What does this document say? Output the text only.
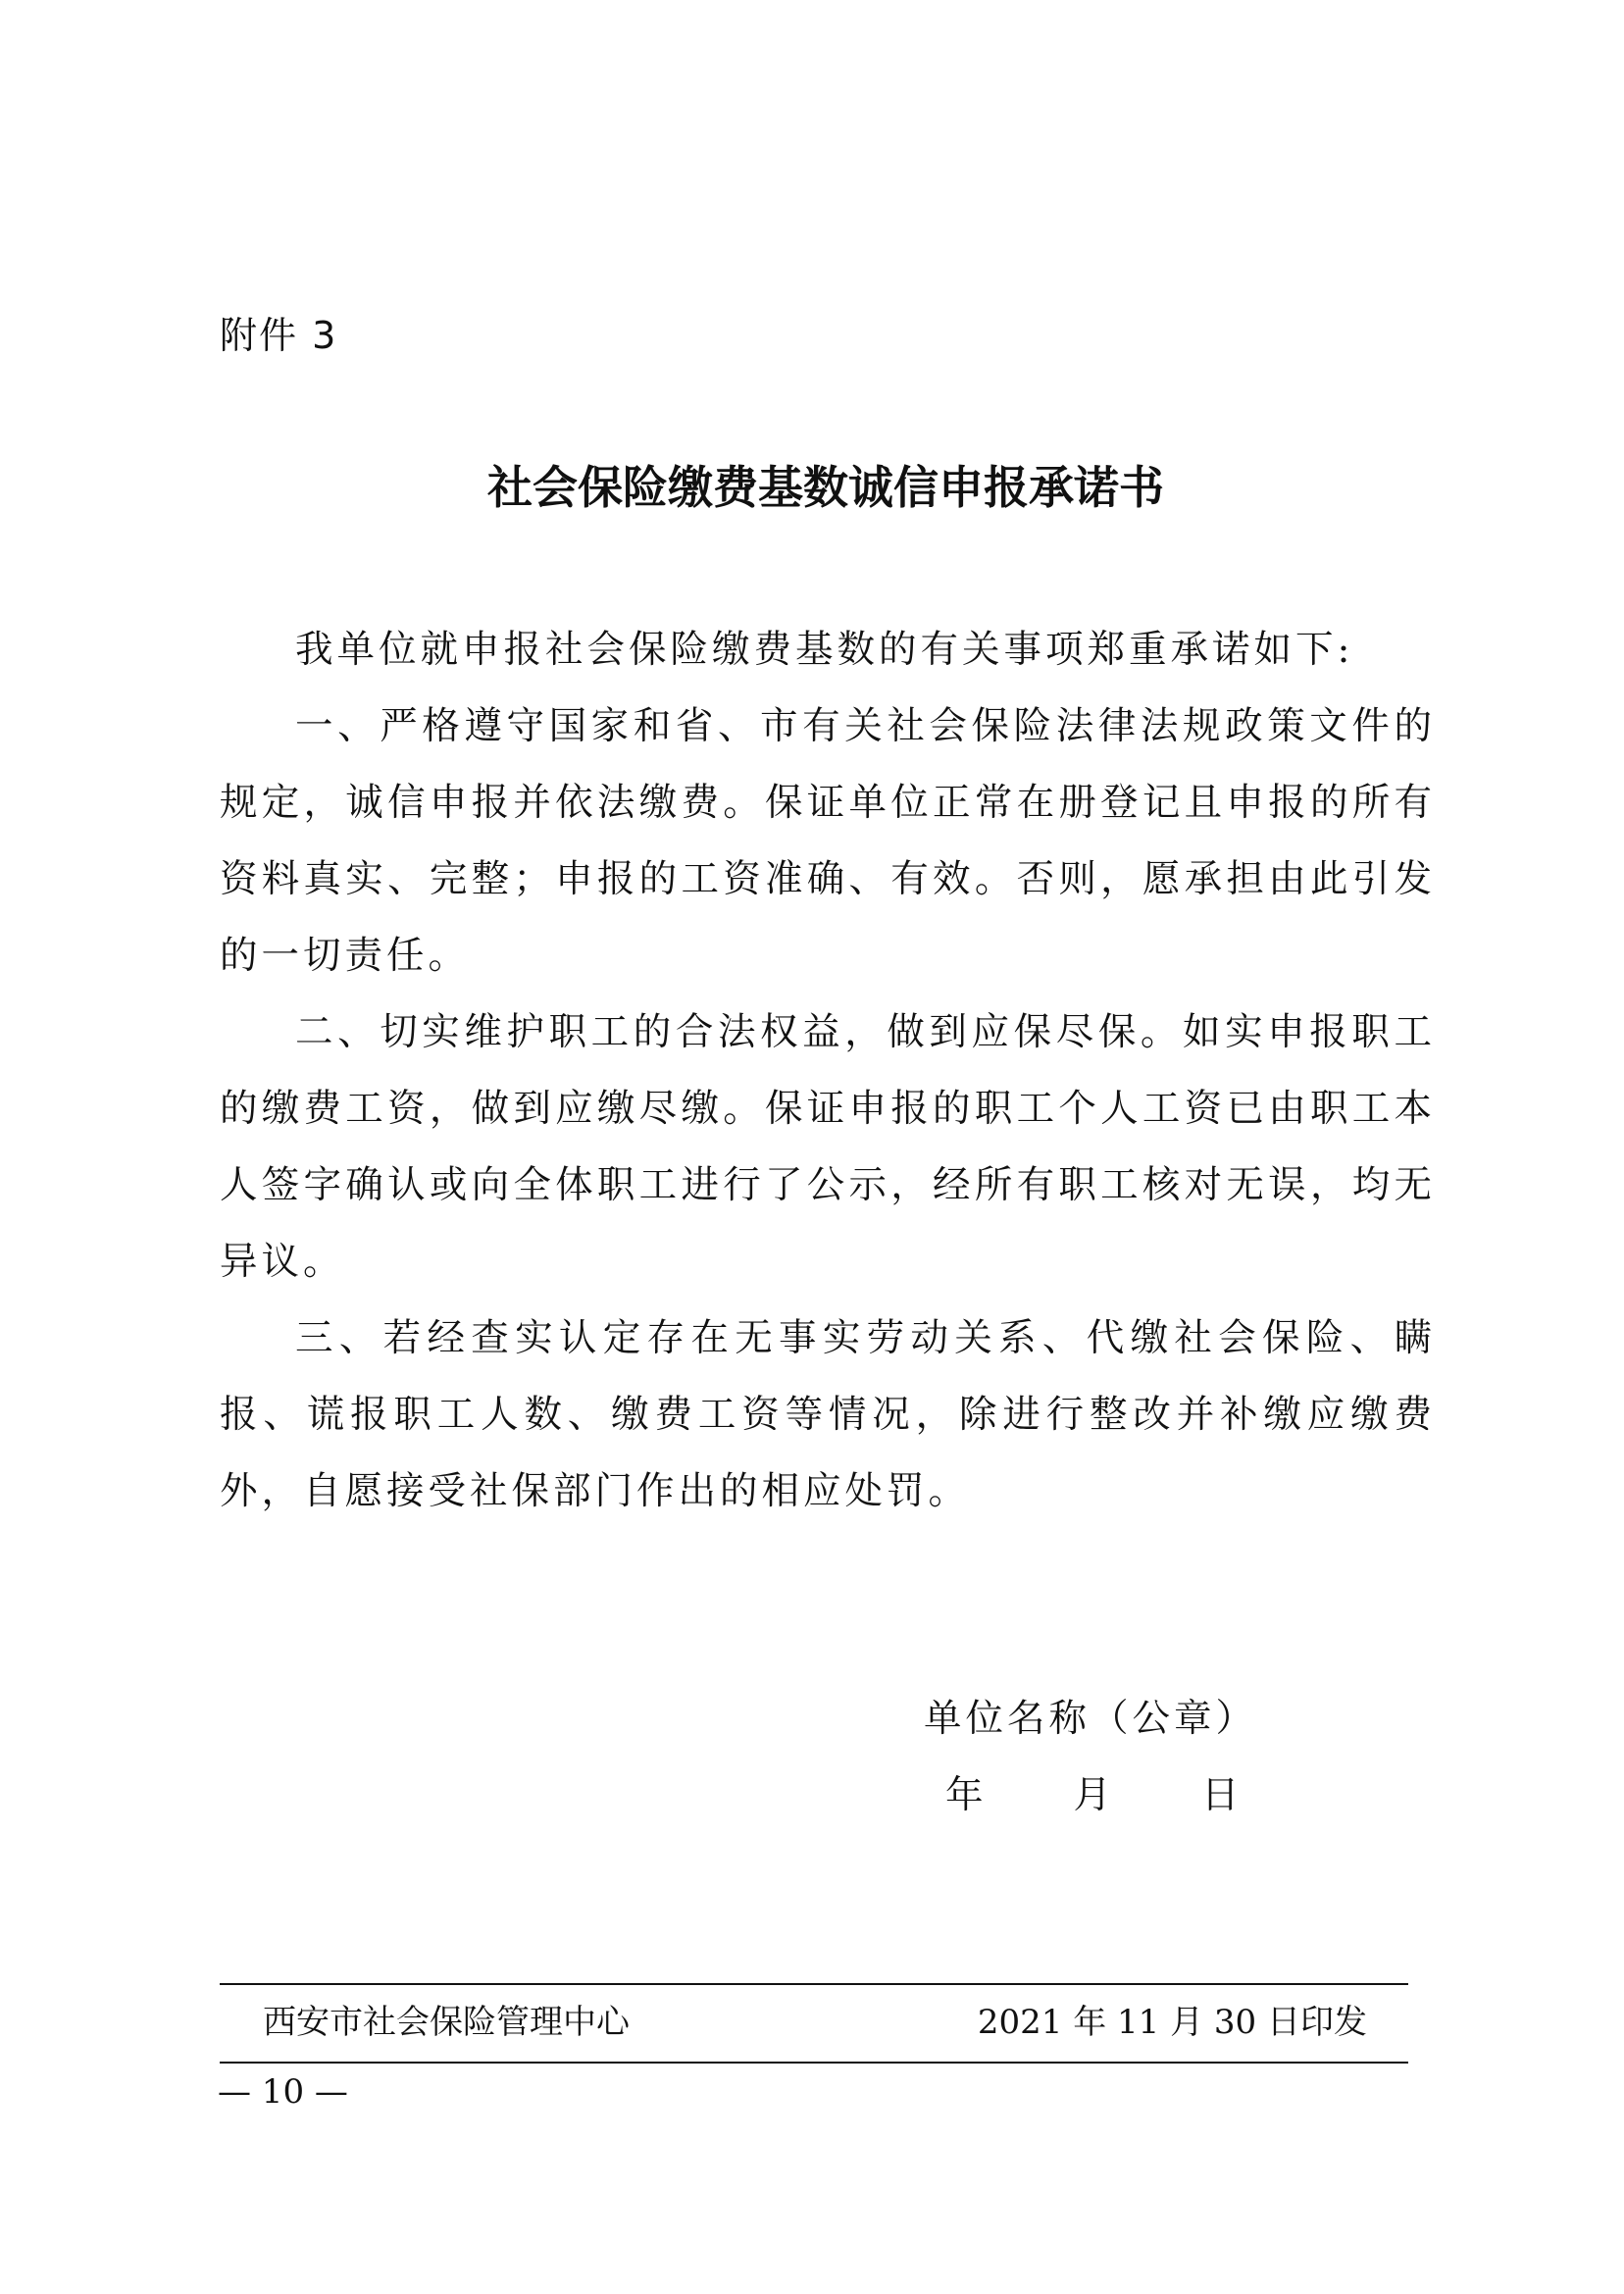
附件 3
社会保险缴费基数诚信申报承诺书

我单位就申报社会保险缴费基数的有关事项郑重承诺如下:

一、严格遵守国家和省、市有关社会保险法律法规政策文件的规定，诚信申报并依法缴费。保证单位正常在册登记且申报的所有资料真实、完整；申报的工资准确、有效。否则，愿承担由此引发的一切责任。

二、切实维护职工的合法权益，做到应保尽保。如实申报职工的缴费工资，做到应缴尽缴。保证申报的职工个人工资已由职工本人签字确认或向全体职工进行了公示，经所有职工核对无误，均无异议。

三、若经查实认定存在无事实劳动关系、代缴社会保险、瞒报、谎报职工人数、缴费工资等情况，除进行整改并补缴应缴费外，自愿接受社保部门作出的相应处罚。

单位名称（公章）
年 月 日
西安市社会保险管理中心	2021 年 11 月 30 日印发
— 10 —
